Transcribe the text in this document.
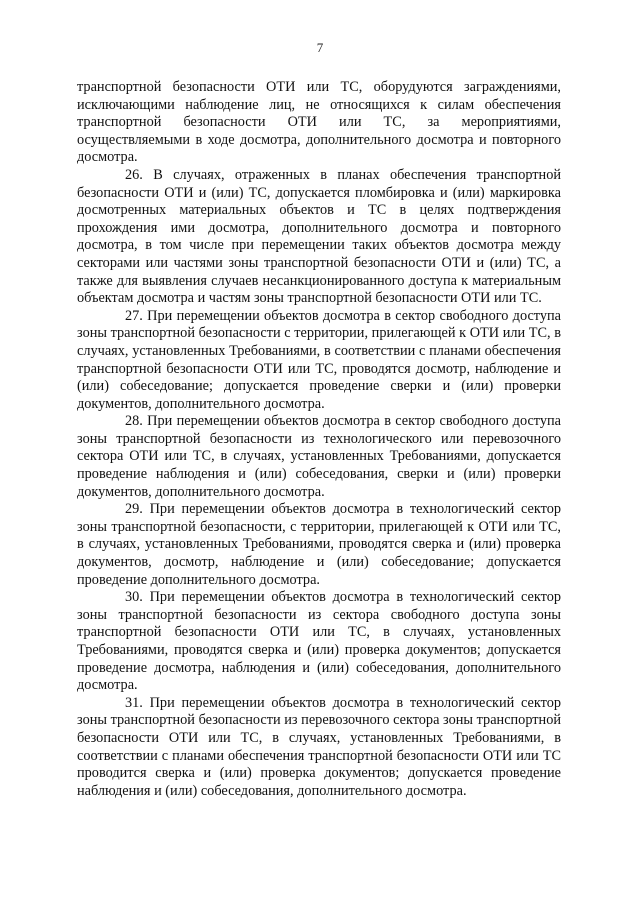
7

транспортной безопасности ОТИ или ТС, оборудуются заграждениями, исключающими наблюдение лиц, не относящихся к силам обеспечения транспортной безопасности ОТИ или ТС, за мероприятиями, осуществляемыми в ходе досмотра, дополнительного досмотра и повторного досмотра.

26. В случаях, отраженных в планах обеспечения транспортной безопасности ОТИ и (или) ТС, допускается пломбировка и (или) маркировка досмотренных материальных объектов и ТС в целях подтверждения прохождения ими досмотра, дополнительного досмотра и повторного досмотра, в том числе при перемещении таких объектов досмотра между секторами или частями зоны транспортной безопасности ОТИ и (или) ТС, а также для выявления случаев несанкционированного доступа к материальным объектам досмотра и частям зоны транспортной безопасности ОТИ или ТС.

27. При перемещении объектов досмотра в сектор свободного доступа зоны транспортной безопасности с территории, прилегающей к ОТИ или ТС, в случаях, установленных Требованиями, в соответствии с планами обеспечения транспортной безопасности ОТИ или ТС, проводятся досмотр, наблюдение и (или) собеседование; допускается проведение сверки и (или) проверки документов, дополнительного досмотра.

28. При перемещении объектов досмотра в сектор свободного доступа зоны транспортной безопасности из технологического или перевозочного сектора ОТИ или ТС, в случаях, установленных Требованиями, допускается проведение наблюдения и (или) собеседования, сверки и (или) проверки документов, дополнительного досмотра.

29. При перемещении объектов досмотра в технологический сектор зоны транспортной безопасности, с территории, прилегающей к ОТИ или ТС, в случаях, установленных Требованиями, проводятся сверка и (или) проверка документов, досмотр, наблюдение и (или) собеседование; допускается проведение дополнительного досмотра.

30. При перемещении объектов досмотра в технологический сектор зоны транспортной безопасности из сектора свободного доступа зоны транспортной безопасности ОТИ или ТС, в случаях, установленных Требованиями, проводятся сверка и (или) проверка документов; допускается проведение досмотра, наблюдения и (или) собеседования, дополнительного досмотра.

31. При перемещении объектов досмотра в технологический сектор зоны транспортной безопасности из перевозочного сектора зоны транспортной безопасности ОТИ или ТС, в случаях, установленных Требованиями, в соответствии с планами обеспечения транспортной безопасности ОТИ или ТС проводится сверка и (или) проверка документов; допускается проведение наблюдения и (или) собеседования, дополнительного досмотра.
